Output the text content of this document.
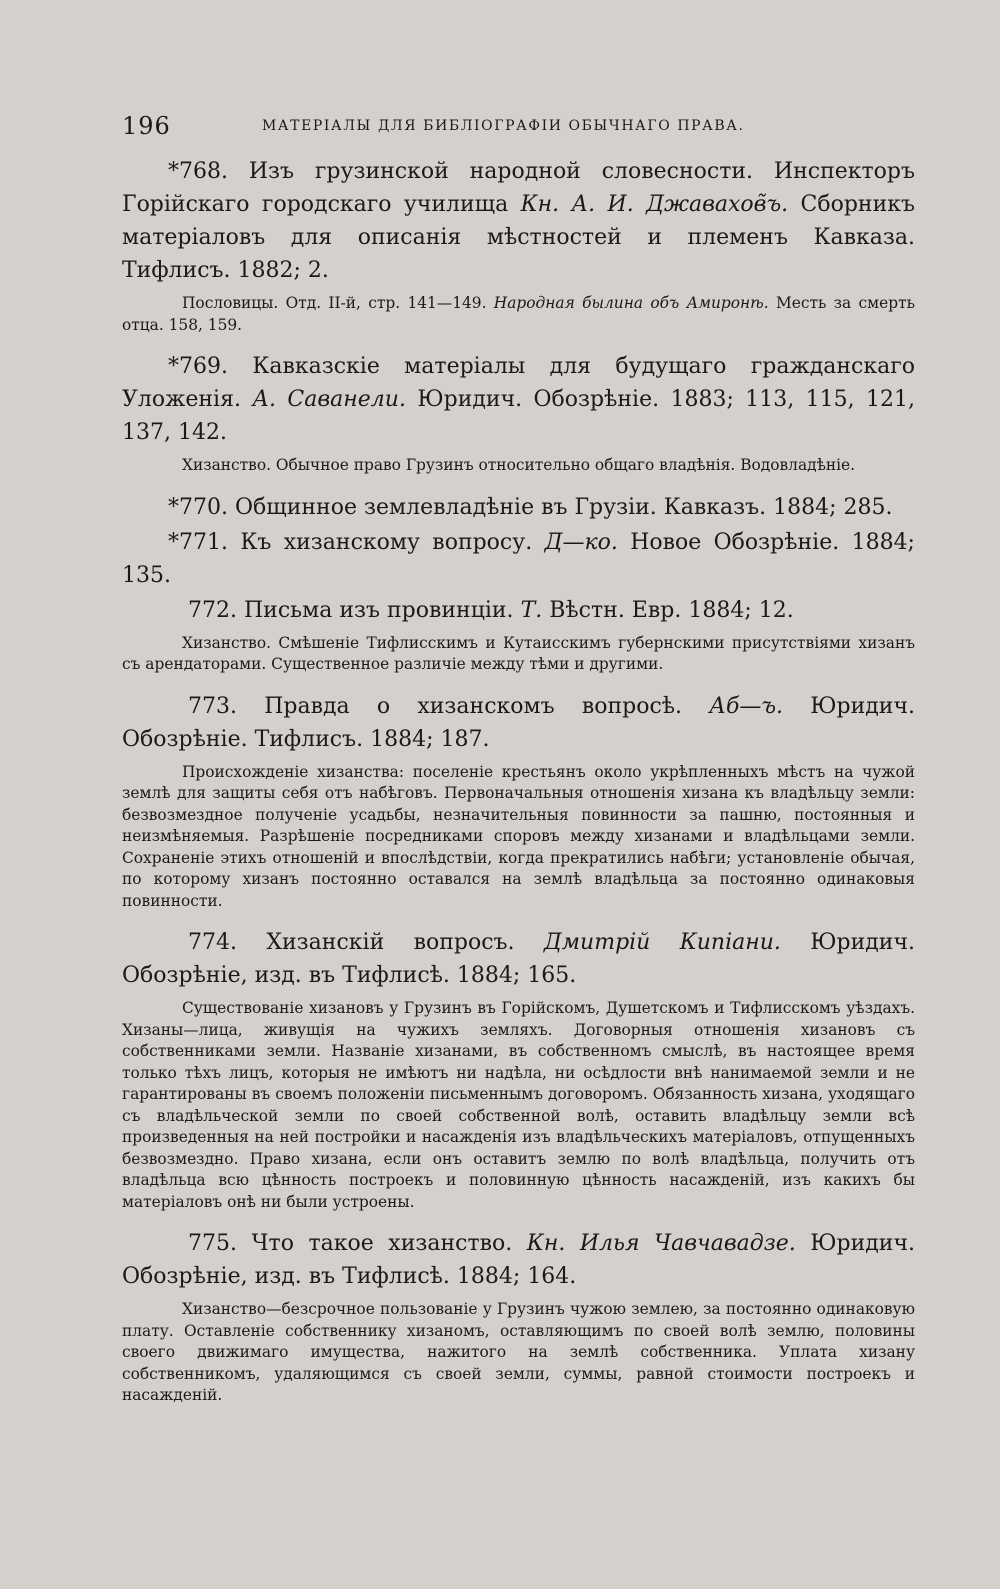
196	МАТЕРІАЛЫ ДЛЯ БИБЛІОГРАФІИ ОБЫЧНАГО ПРАВА.
*768. Изъ грузинской народной словесности. Инспекторъ Горійскаго городскаго училища Кн. А. И. Джавахов̃ъ. Сборникъ матеріаловъ для описанія мѣстностей и племенъ Кавказа. Тифлисъ. 1882; 2.
Пословицы. Отд. ІІ-й, стр. 141—149. Народная былина объ Амиронѣ. Месть за смерть отца. 158, 159.
*769. Кавказскіе матеріалы для будущаго гражданскаго Уложенія. А. Саванели. Юридич. Обозрѣніе. 1883; 113, 115, 121, 137, 142.
Хизанство. Обычное право Грузинъ относительно общаго владѣнія. Водовладѣніе.
*770. Общинное землевладѣніе въ Грузіи. Кавказъ. 1884; 285.
*771. Къ хизанскому вопросу. Д—ко. Новое Обозрѣніе. 1884; 135.
772. Письма изъ провинціи. Т. Вѣстн. Евр. 1884; 12.
Хизанство. Смѣшеніе Тифлисскимъ и Кутаисскимъ губернскими присутствіями хизанъ съ арендаторами. Существенное различіе между тѣми и другими.
773. Правда о хизанскомъ вопросѣ. Аб—ъ. Юридич. Обозрѣніе. Тифлисъ. 1884; 187.
Происхожденіе хизанства: поселеніе крестьянъ около укрѣпленныхъ мѣстъ на чужой землѣ для защиты себя отъ набѣговъ. Первоначальныя отношенія хизана къ владѣльцу земли: безвозмездное полученіе усадьбы, незначительныя повинности за пашню, постоянныя и неизмѣняемыя. Разрѣшеніе посредниками споровъ между хизанами и владѣльцами земли. Сохраненіе этихъ отношеній и впослѣдствіи, когда прекратились набѣги; установленіе обычая, по которому хизанъ постоянно оставался на землѣ владѣльца за постоянно одинаковыя повинности.
774. Хизанскій вопросъ. Дмитрій Кипіани. Юридич. Обозрѣніе, изд. въ Тифлисѣ. 1884; 165.
Существованіе хизановъ у Грузинъ въ Горійскомъ, Душетскомъ и Тифлисскомъ уѣздахъ. Хизаны—лица, живущія на чужихъ земляхъ. Договорныя отношенія хизановъ съ собственниками земли. Названіе хизанами, въ собственномъ смыслѣ, въ настоящее время только тѣхъ лицъ, которыя не имѣютъ ни надѣла, ни осѣдлости внѣ нанимаемой земли и не гарантированы въ своемъ положеніи письменнымъ договоромъ. Обязанность хизана, уходящаго съ владѣльческой земли по своей собственной волѣ, оставить владѣльцу земли всѣ произведенныя на ней постройки и насажденія изъ владѣльческихъ матеріаловъ, отпущенныхъ безвозмездно. Право хизана, если онъ оставитъ землю по волѣ владѣльца, получить отъ владѣльца всю цѣнность построекъ и половинную цѣнность насажденій, изъ какихъ бы матеріаловъ онѣ ни были устроены.
775. Что такое хизанство. Кн. Илья Чавчавадзе. Юридич. Обозрѣніе, изд. въ Тифлисѣ. 1884; 164.
Хизанство—безсрочное пользованіе у Грузинъ чужою землею, за постоянно одинаковую плату. Оставленіе собственнику хизаномъ, оставляющимъ по своей волѣ землю, половины своего движимаго имущества, нажитого на землѣ собственника. Уплата хизану собственникомъ, удаляющимся съ своей земли, суммы, равной стоимости построекъ и насажденій.
